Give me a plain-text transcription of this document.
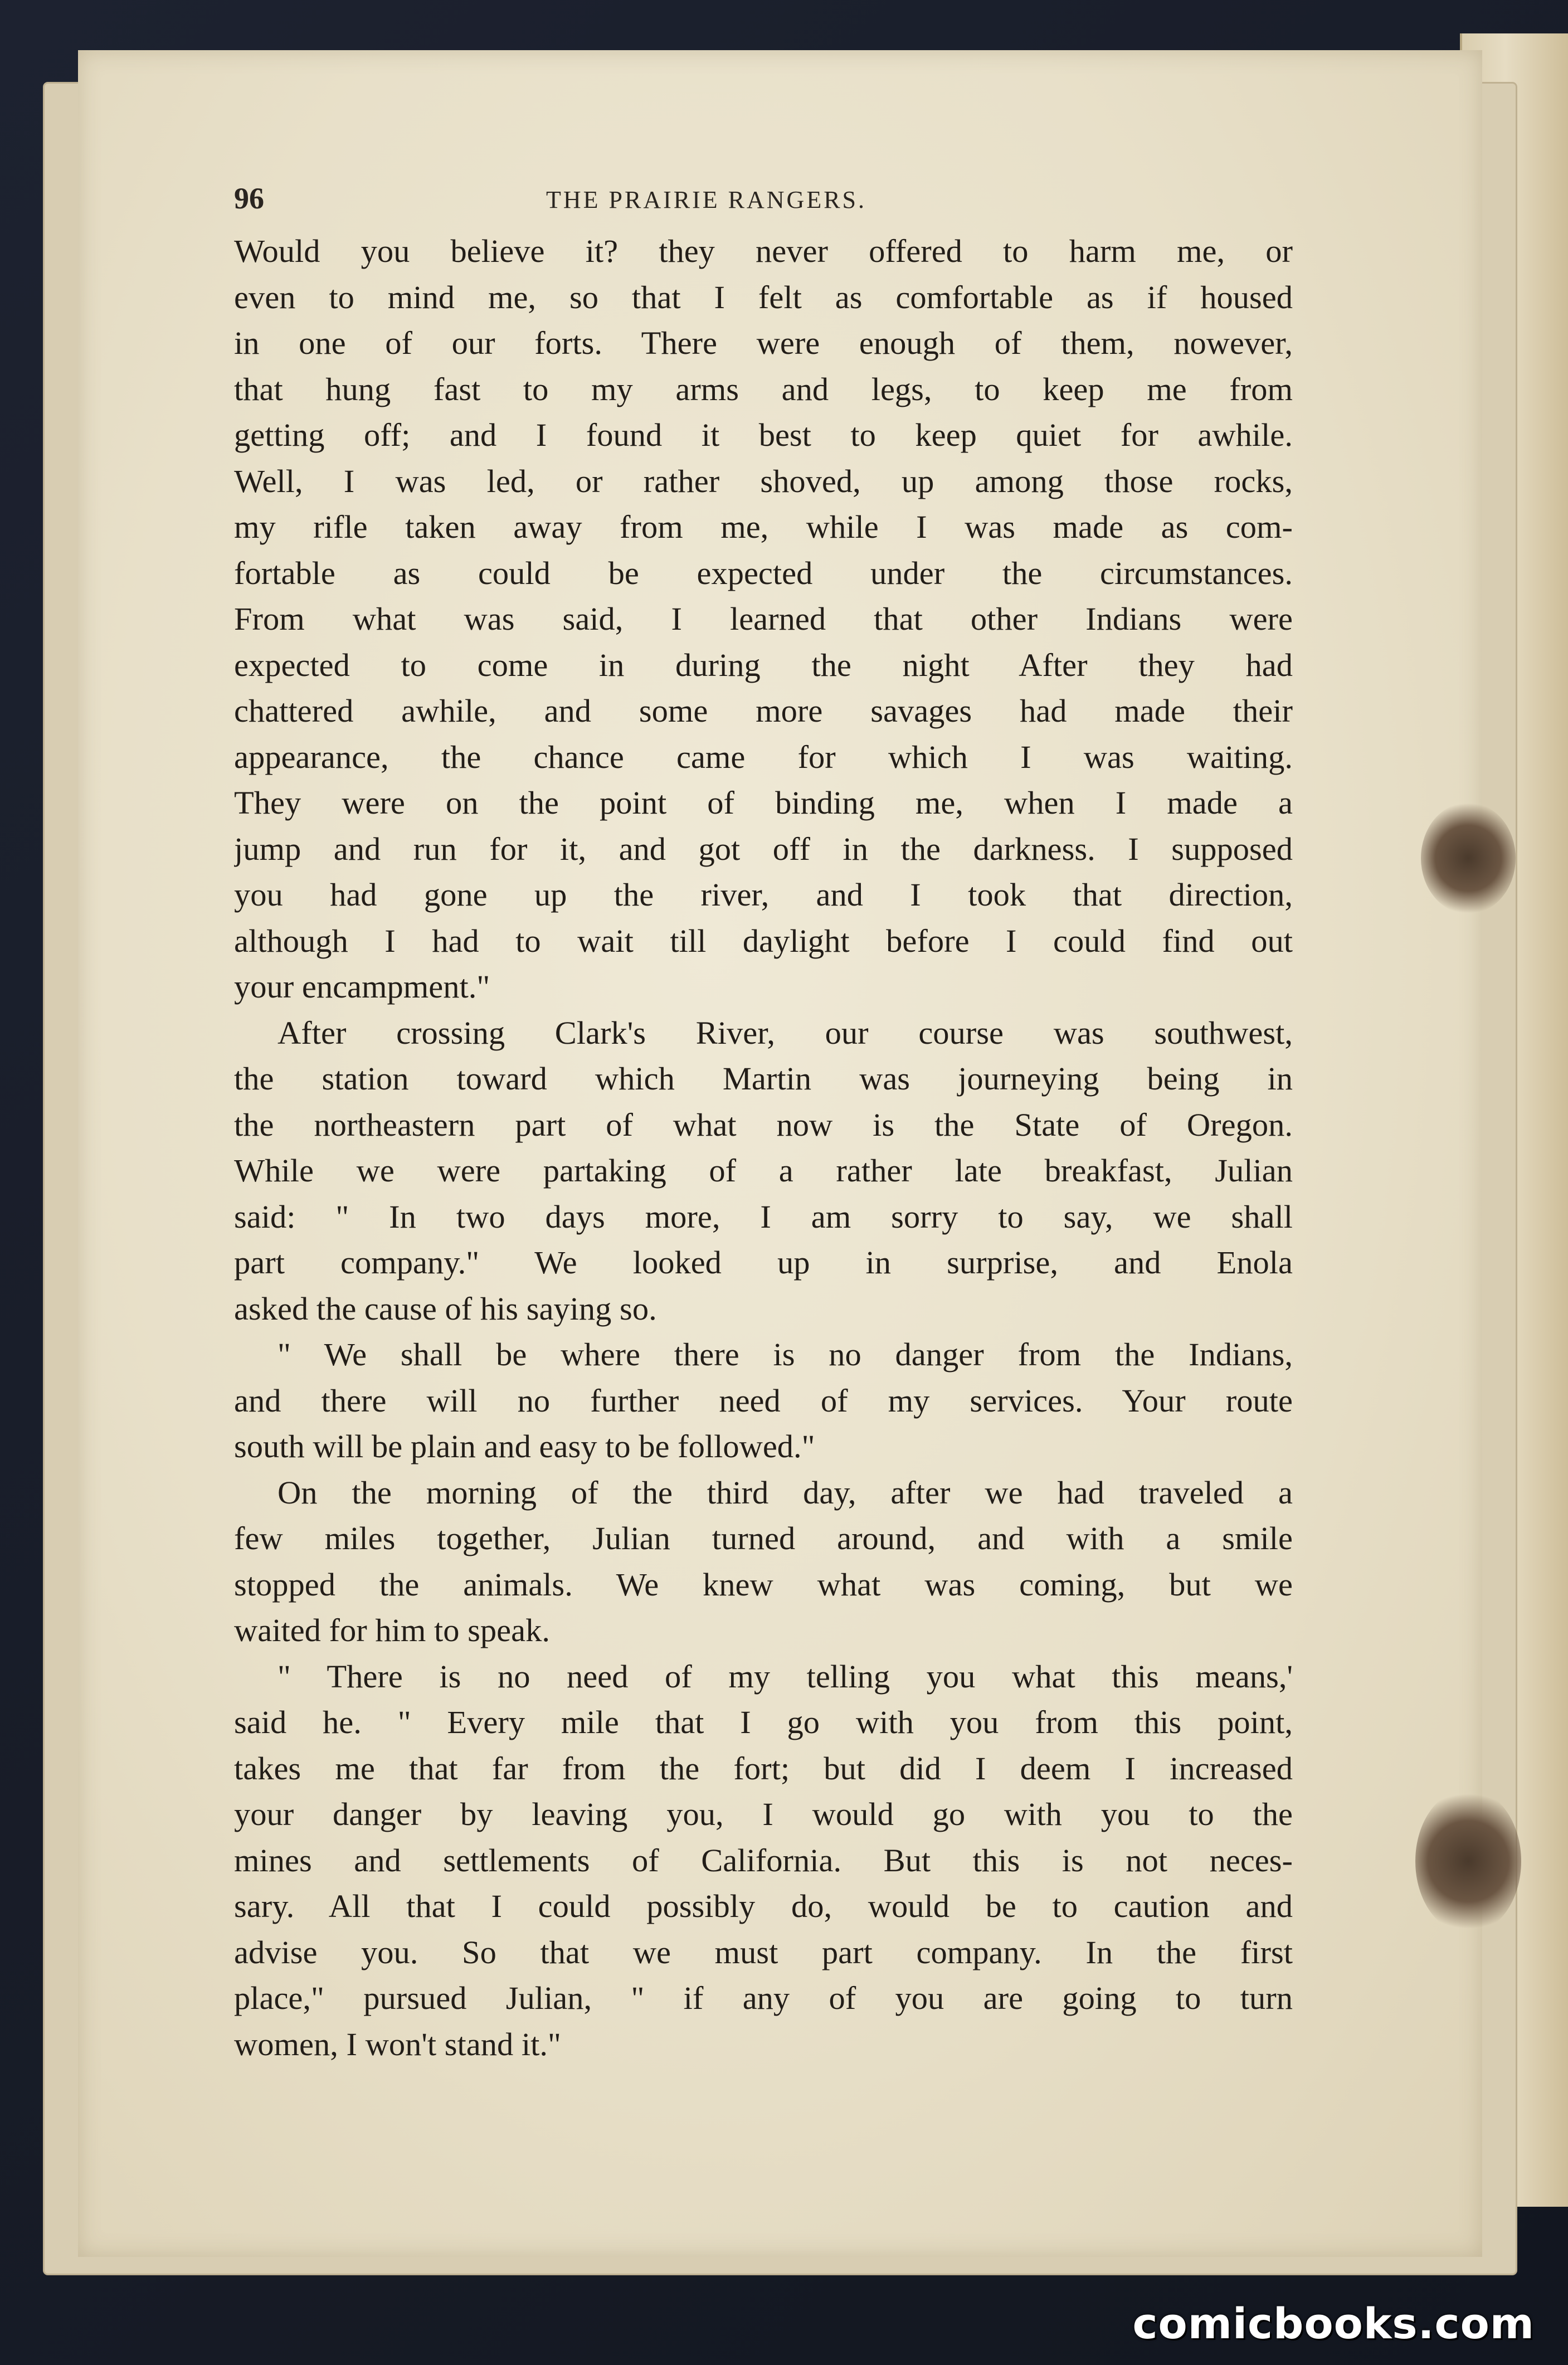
96	THE PRAIRIE RANGERS.
Would you believe it? they never offered to harm me, or
even to mind me, so that I felt as comfortable as if housed
in one of our forts. There were enough of them, nowever,
that hung fast to my arms and legs, to keep me from
getting off; and I found it best to keep quiet for awhile.
Well, I was led, or rather shoved, up among those rocks,
my rifle taken away from me, while I was made as com-
fortable as could be expected under the circumstances.
From what was said, I learned that other Indians were
expected to come in during the night After they had
chattered awhile, and some more savages had made their
appearance, the chance came for which I was waiting.
They were on the point of binding me, when I made a
jump and run for it, and got off in the darkness. I supposed
you had gone up the river, and I took that direction,
although I had to wait till daylight before I could find out
your encampment."
After crossing Clark's River, our course was southwest,
the station toward which Martin was journeying being in
the northeastern part of what now is the State of Oregon.
While we were partaking of a rather late breakfast, Julian
said: " In two days more, I am sorry to say, we shall
part company." We looked up in surprise, and Enola
asked the cause of his saying so.
" We shall be where there is no danger from the Indians,
and there will no further need of my services. Your route
south will be plain and easy to be followed."
On the morning of the third day, after we had traveled a
few miles together, Julian turned around, and with a smile
stopped the animals. We knew what was coming, but we
waited for him to speak.
" There is no need of my telling you what this means,'
said he. " Every mile that I go with you from this point,
takes me that far from the fort; but did I deem I increased
your danger by leaving you, I would go with you to the
mines and settlements of California. But this is not neces-
sary. All that I could possibly do, would be to caution and
advise you. So that we must part company. In the first
place," pursued Julian, " if any of you are going to turn
women, I won't stand it."
comicbooks.com
